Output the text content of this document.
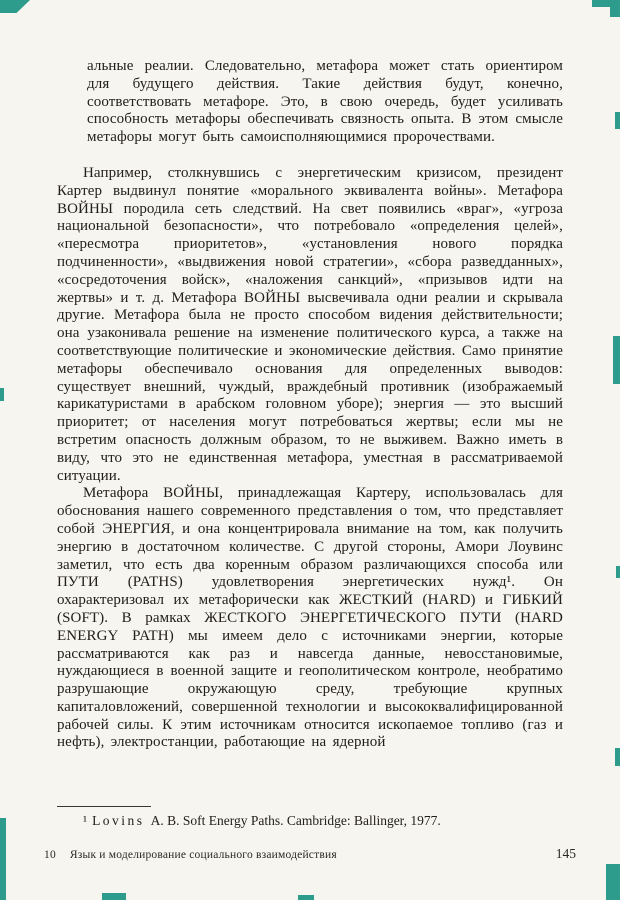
альные реалии. Следовательно, метафора может стать ориентиром для будущего действия. Такие действия будут, конечно, соответствовать метафоре. Это, в свою очередь, будет усиливать способность метафоры обеспечивать связность опыта. В этом смысле метафоры могут быть самоисполняющимися пророчествами.

Например, столкнувшись с энергетическим кризисом, президент Картер выдвинул понятие «морального эквивалента войны». Метафора ВОЙНЫ породила сеть следствий. На свет появились «враг», «угроза национальной безопасности», что потребовало «определения целей», «пересмотра приоритетов», «установления нового порядка подчиненности», «выдвижения новой стратегии», «сбора разведданных», «сосредоточения войск», «наложения санкций», «призывов идти на жертвы» и т. д. Метафора ВОЙНЫ высвечивала одни реалии и скрывала другие. Метафора была не просто способом видения действительности; она узаконивала решение на изменение политического курса, а также на соответствующие политические и экономические действия. Само принятие метафоры обеспечивало основания для определенных выводов: существует внешний, чуждый, враждебный противник (изображаемый карикатуристами в арабском головном уборе); энергия — это высший приоритет; от населения могут потребоваться жертвы; если мы не встретим опасность должным образом, то не выживем. Важно иметь в виду, что это не единственная метафора, уместная в рассматриваемой ситуации.

Метафора ВОЙНЫ, принадлежащая Картеру, использовалась для обоснования нашего современного представления о том, что представляет собой ЭНЕРГИЯ, и она концентрировала внимание на том, как получить энергию в достаточном количестве. С другой стороны, Амори Лоувинс заметил, что есть два коренным образом различающихся способа или ПУТИ (PATHS) удовлетворения энергетических нужд¹. Он охарактеризовал их метафорически как ЖЕСТКИЙ (HARD) и ГИБКИЙ (SOFT). В рамках ЖЕСТКОГО ЭНЕРГЕТИЧЕСКОГО ПУТИ (HARD ENERGY PATH) мы имеем дело с источниками энергии, которые рассматриваются как раз и навсегда данные, невосстановимые, нуждающиеся в военной защите и геополитическом контроле, необратимо разрушающие окружающую среду, требующие крупных капиталовложений, совершенной технологии и высококвалифицированной рабочей силы. К этим источникам относится ископаемое топливо (газ и нефть), электростанции, работающие на ядерной

¹ Lovins A. B. Soft Energy Paths. Cambridge: Ballinger, 1977.
10 Язык и моделирование социального взаимодействия	145
